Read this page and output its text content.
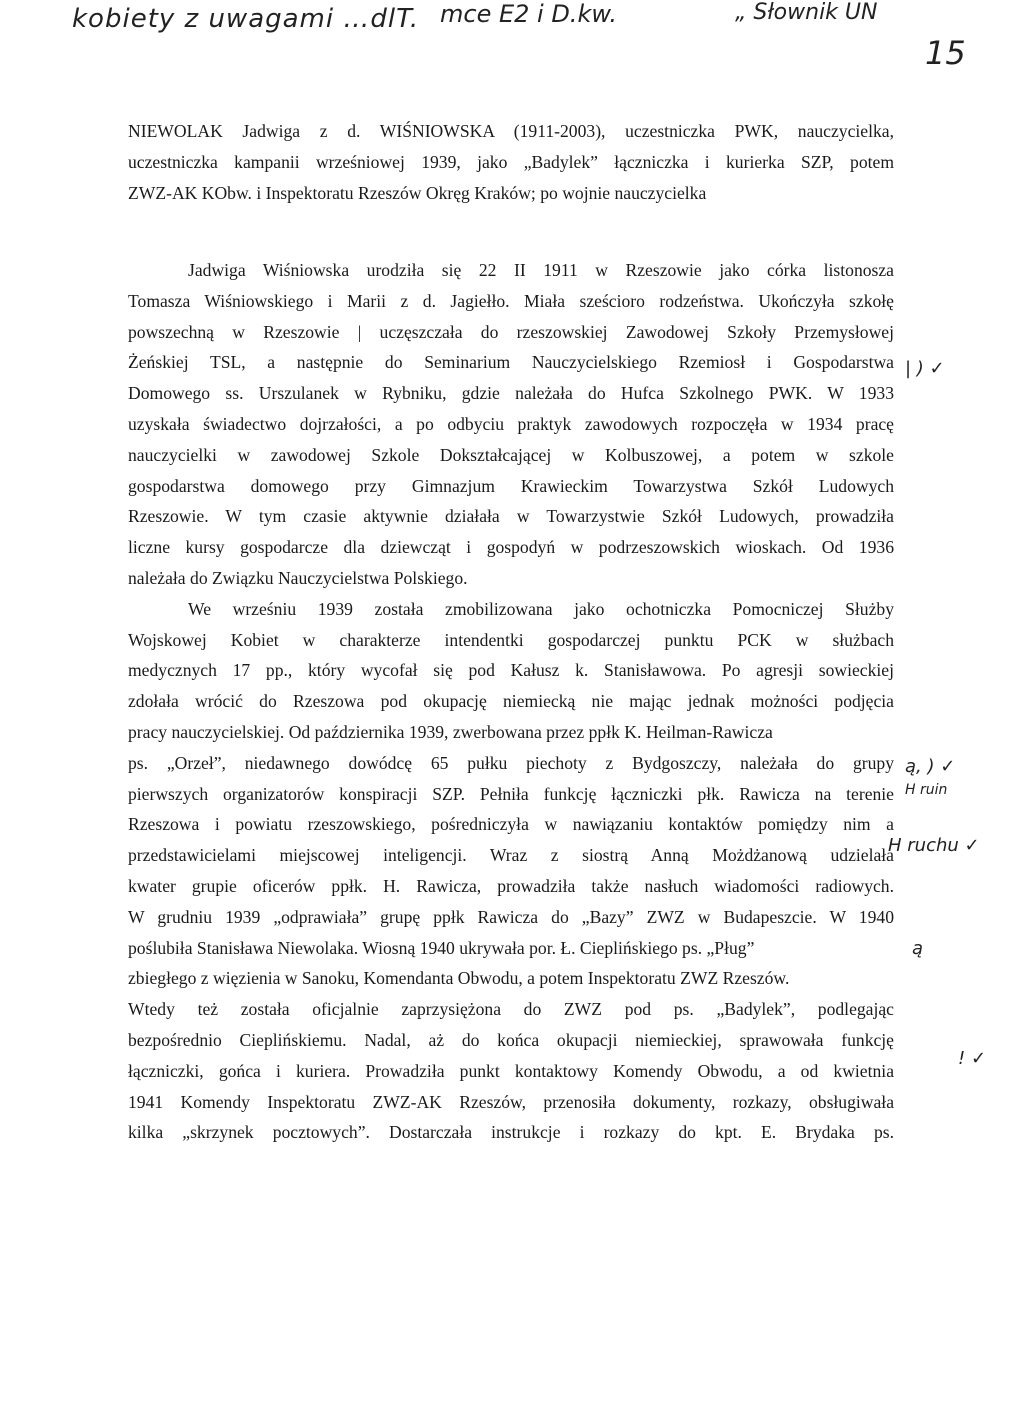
kobiety z uwagami …dlT. mce E2 i D.kw.	„ Słownik UN
15
| ) ✓
ą, ) ✓
H ruin
H ruchu ✓
ą
! ✓
NIEWOLAK Jadwiga z d. WIŚNIOWSKA (1911-2003), uczestniczka PWK, nauczycielka,
uczestniczka kampanii wrześniowej 1939, jako „Badylek” łączniczka i kurierka SZP, potem
ZWZ-AK KObw. i Inspektoratu Rzeszów Okręg Kraków; po wojnie nauczycielka
Jadwiga Wiśniowska urodziła się 22 II 1911 w Rzeszowie jako córka listonosza
Tomasza Wiśniowskiego i Marii z d. Jagiełło. Miała sześcioro rodzeństwa. Ukończyła szkołę
powszechną w Rzeszowie | uczęszczała do rzeszowskiej Zawodowej Szkoły Przemysłowej
Żeńskiej TSL, a następnie do Seminarium Nauczycielskiego Rzemiosł i Gospodarstwa
Domowego ss. Urszulanek w Rybniku, gdzie należała do Hufca Szkolnego PWK. W 1933
uzyskała świadectwo dojrzałości, a po odbyciu praktyk zawodowych rozpoczęła w 1934 pracę
nauczycielki w zawodowej Szkole Dokształcającej w Kolbuszowej, a potem w szkole
gospodarstwa domowego przy Gimnazjum Krawieckim Towarzystwa Szkół Ludowych
Rzeszowie. W tym czasie aktywnie działała w Towarzystwie Szkół Ludowych, prowadziła
liczne kursy gospodarcze dla dziewcząt i gospodyń w podrzeszowskich wioskach. Od 1936
należała do Związku Nauczycielstwa Polskiego.
We wrześniu 1939 została zmobilizowana jako ochotniczka Pomocniczej Służby
Wojskowej Kobiet w charakterze intendentki gospodarczej punktu PCK w służbach
medycznych 17 pp., który wycofał się pod Kałusz k. Stanisławowa. Po agresji sowieckiej
zdołała wrócić do Rzeszowa pod okupację niemiecką nie mając jednak możności podjęcia
pracy nauczycielskiej. Od października 1939, zwerbowana przez ppłk K. Heilman-Rawicza
ps. „Orzeł”, niedawnego dowódcę 65 pułku piechoty z Bydgoszczy, należała do grupy
pierwszych organizatorów konspiracji SZP. Pełniła funkcję łączniczki płk. Rawicza na terenie
Rzeszowa i powiatu rzeszowskiego, pośredniczyła w nawiązaniu kontaktów pomiędzy nim a
przedstawicielami miejscowej inteligencji. Wraz z siostrą Anną Możdżanową udzielała
kwater grupie oficerów ppłk. H. Rawicza, prowadziła także nasłuch wiadomości radiowych.
W grudniu 1939 „odprawiała” grupę ppłk Rawicza do „Bazy” ZWZ w Budapeszcie. W 1940
poślubiła Stanisława Niewolaka. Wiosną 1940 ukrywała por. Ł. Cieplińskiego ps. „Pług”
zbiegłego z więzienia w Sanoku, Komendanta Obwodu, a potem Inspektoratu ZWZ Rzeszów.
Wtedy też została oficjalnie zaprzysiężona do ZWZ pod ps. „Badylek”, podlegając
bezpośrednio Cieplińskiemu. Nadal, aż do końca okupacji niemieckiej, sprawowała funkcję
łączniczki, gońca i kuriera. Prowadziła punkt kontaktowy Komendy Obwodu, a od kwietnia
1941 Komendy Inspektoratu ZWZ-AK Rzeszów, przenosiła dokumenty, rozkazy, obsługiwała
kilka „skrzynek pocztowych”. Dostarczała instrukcje i rozkazy do kpt. E. Brydaka ps.
